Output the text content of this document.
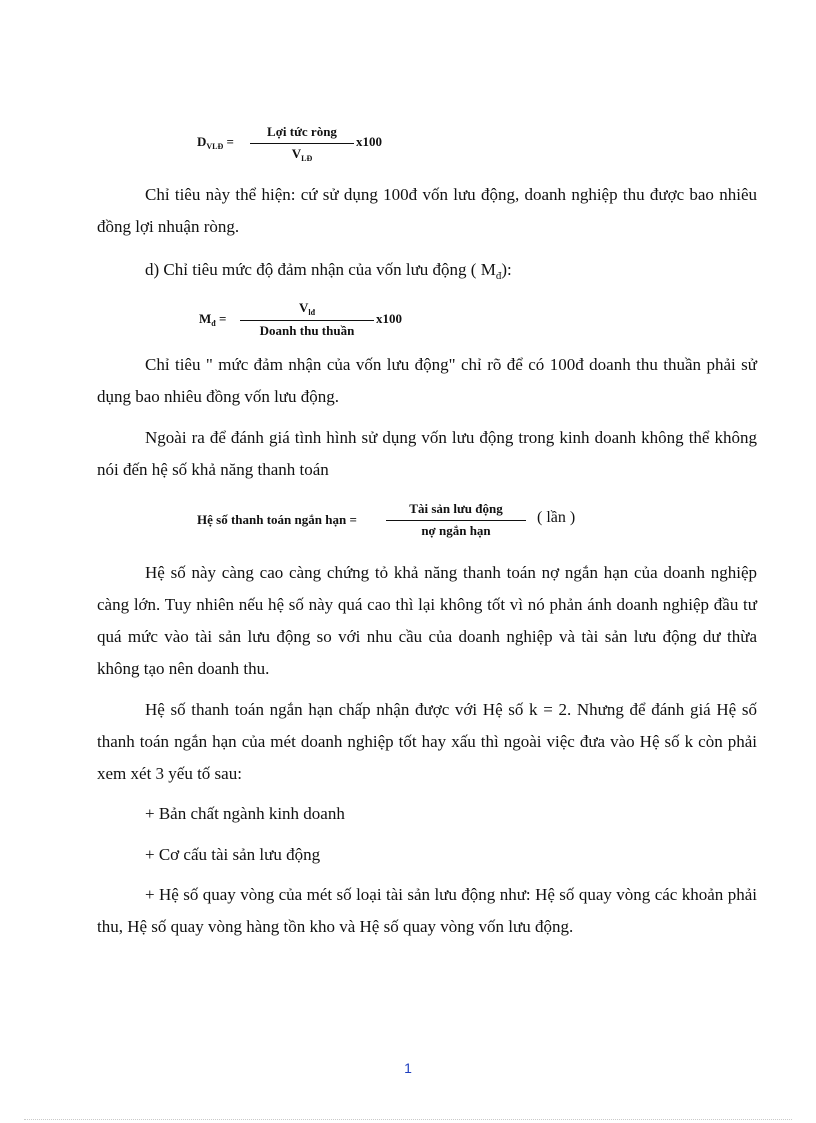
$D_{VLĐ}$ =
Lợi tức ròng
$V_{LĐ}$
x100

Chỉ tiêu này thể hiện: cứ sử dụng 100đ vốn lưu động, doanh nghiệp thu được bao nhiêu đồng lợi nhuận ròng.

d) Chỉ tiêu mức độ đảm nhận của vốn lưu động ( $M_đ$):

$M_đ$ =
$V_{lđ}$
Doanh thu thuần
x100

Chỉ tiêu " mức đảm nhận của vốn lưu động" chỉ rõ để có 100đ doanh thu thuần phải sử dụng bao nhiêu đồng vốn lưu động.

Ngoài ra để đánh giá tình hình sử dụng vốn lưu động trong kinh doanh không thể không nói đến hệ số khả năng thanh toán

Hệ số thanh toán ngắn hạn =
Tài sản lưu động
nợ ngắn hạn
( lần )

Hệ số này càng cao càng chứng tỏ khả năng thanh toán nợ ngắn hạn của doanh nghiệp càng lớn. Tuy nhiên nếu hệ số này quá cao thì lại không tốt vì nó phản ánh doanh nghiệp đầu tư quá mức vào tài sản lưu động so với nhu cầu của doanh nghiệp và tài sản lưu động dư thừa không tạo nên doanh thu.

Hệ số thanh toán ngắn hạn chấp nhận được với Hệ số k = 2. Nhưng để đánh giá Hệ số thanh toán ngắn hạn của mét doanh nghiệp tốt hay xấu thì ngoài việc đưa vào Hệ số k còn phải xem xét 3 yếu tố sau:

+ Bản chất ngành kinh doanh

+ Cơ cấu tài sản lưu động

+ Hệ số quay vòng của mét số loại tài sản lưu động như: Hệ số quay vòng các khoản phải thu, Hệ số quay vòng hàng tồn kho và Hệ số quay vòng vốn lưu động.

1
